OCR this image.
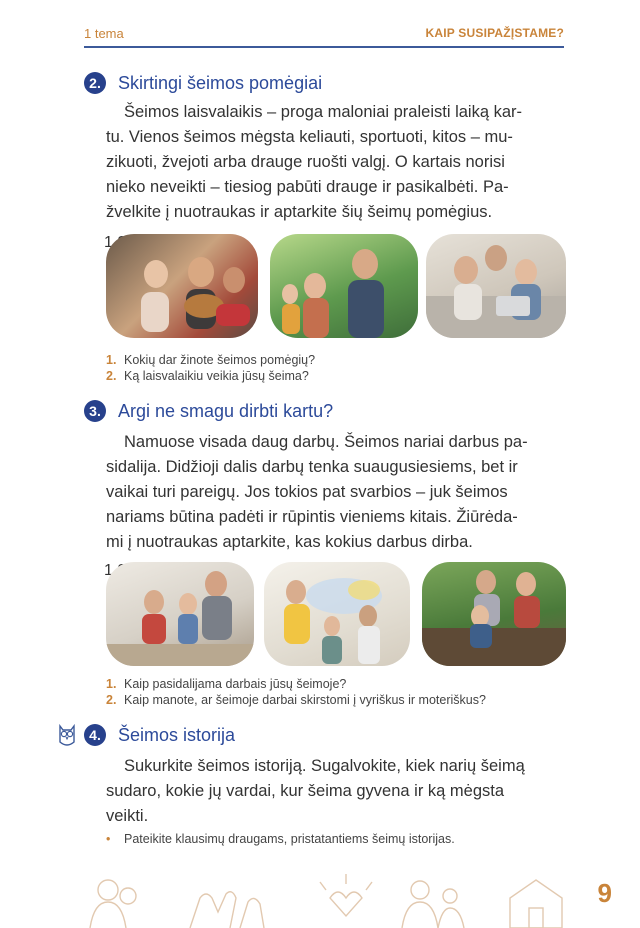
1 tema	KAIP SUSIPAŽĮSTAME?
2. Skirtingi šeimos pomėgiai
Šeimos laisvalaikis – proga maloniai praleisti laiką kar-
tu. Vienos šeimos mėgsta keliauti, sportuoti, kitos – mu-
zikuoti, žvejoti arba drauge ruošti valgį. O kartais norisi
nieko neveikti – tiesiog pabūti drauge ir pasikalbėti. Pa-
žvelkite į nuotraukas ir aptarkite šių šeimų pomėgius.
1
1. Kokių dar žinote šeimos pomėgių?
2. Ką laisvalaikiu veikia jūsų šeima?
3. Argi ne smagu dirbti kartu?
Namuose visada daug darbų. Šeimos nariai darbus pa-
sidalija. Didžioji dalis darbų tenka suaugusiesiems, bet ir
vaikai turi pareigų. Jos tokios pat svarbios – juk šeimos
nariams būtina padėti ir rūpintis vieniems kitais. Žiūrėda-
mi į nuotraukas aptarkite, kas kokius darbus dirba.
1
1. Kaip pasidalijama darbais jūsų šeimoje?
2. Kaip manote, ar šeimoje darbai skirstomi į vyriškus ir moteriškus?
4. Šeimos istorija
Sukurkite šeimos istoriją. Sugalvokite, kiek narių šeimą
sudaro, kokie jų vardai, kur šeima gyvena ir ką mėgsta
veikti.
•	Pateikite klausimų draugams, pristatantiems šeimų istorijas.
9
